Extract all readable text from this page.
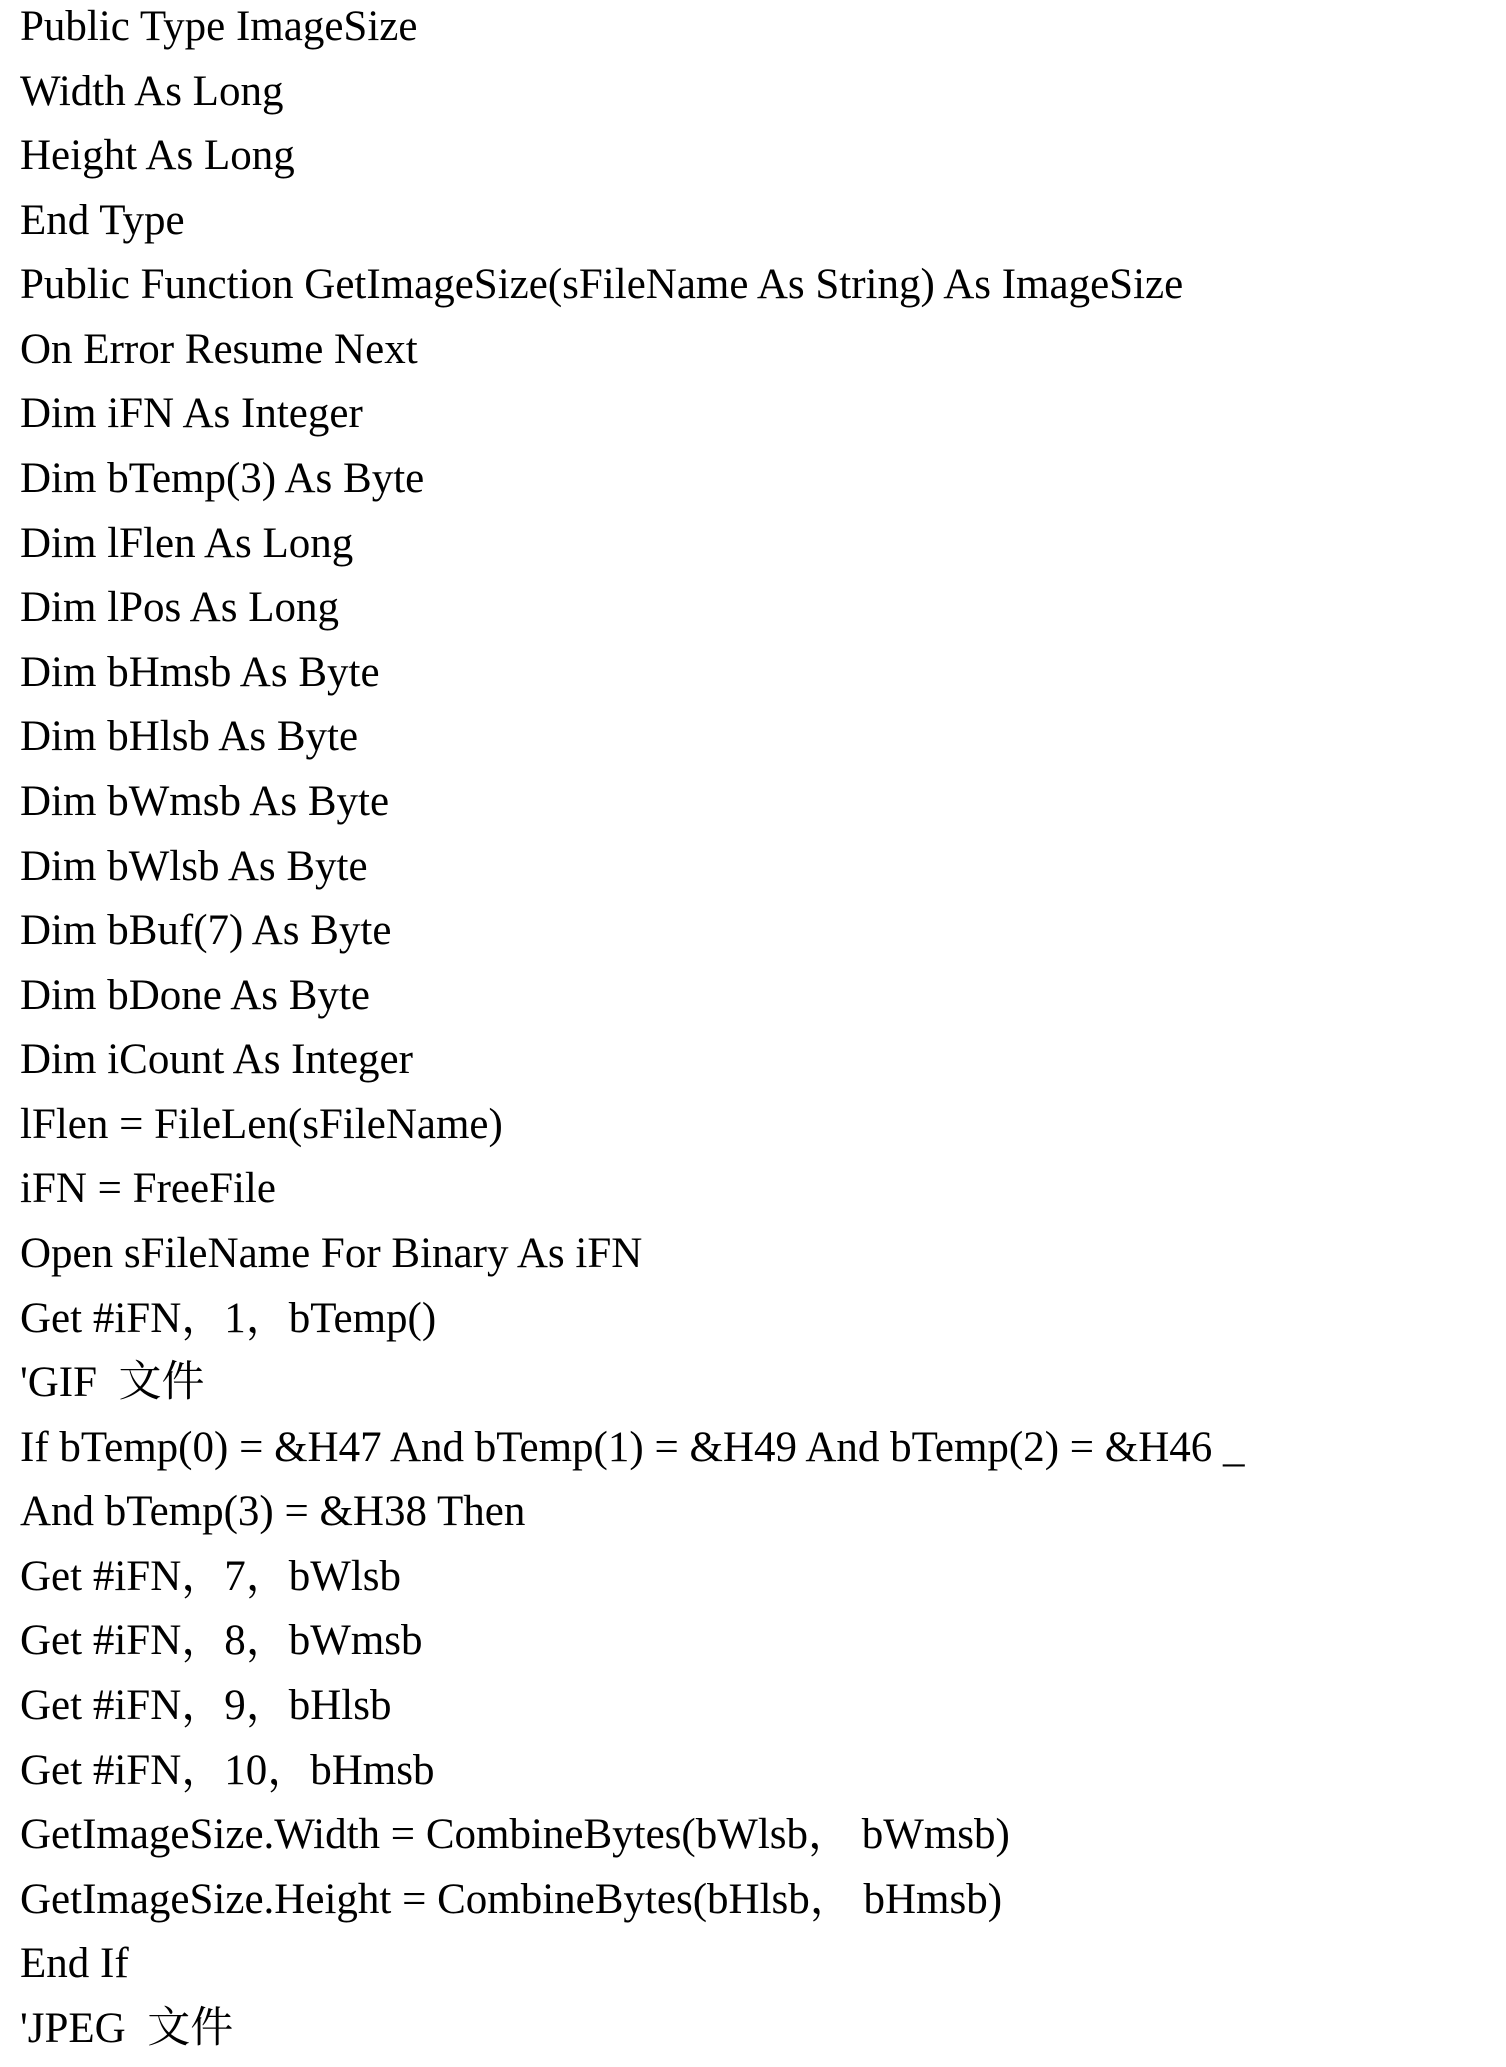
Public Type ImageSize
Width As Long
Height As Long
End Type
Public Function GetImageSize(sFileName As String) As ImageSize
On Error Resume Next
Dim iFN As Integer
Dim bTemp(3) As Byte
Dim lFlen As Long
Dim lPos As Long
Dim bHmsb As Byte
Dim bHlsb As Byte
Dim bWmsb As Byte
Dim bWlsb As Byte
Dim bBuf(7) As Byte
Dim bDone As Byte
Dim iCount As Integer
lFlen = FileLen(sFileName)
iFN = FreeFile
Open sFileName For Binary As iFN
Get #iFN，1，bTemp()
'GIF  文件
If bTemp(0) = &H47 And bTemp(1) = &H49 And bTemp(2) = &H46 _
And bTemp(3) = &H38 Then
Get #iFN，7，bWlsb
Get #iFN，8，bWmsb
Get #iFN，9，bHlsb
Get #iFN，10，bHmsb
GetImageSize.Width = CombineBytes(bWlsb， bWmsb)
GetImageSize.Height = CombineBytes(bHlsb， bHmsb)
End If
'JPEG  文件
